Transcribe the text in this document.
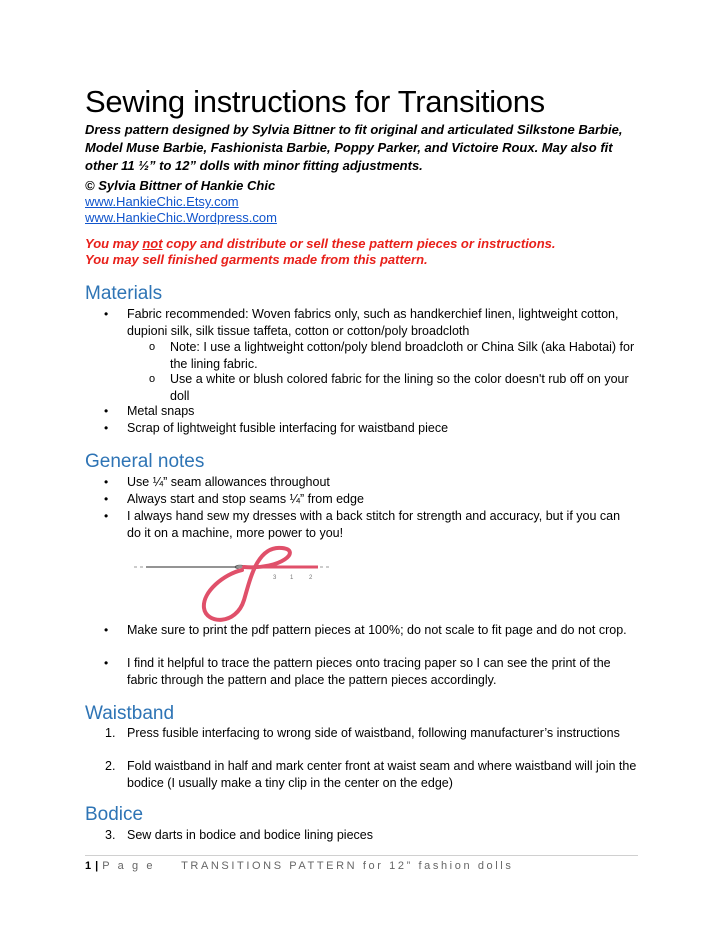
Sewing instructions for Transitions

Dress pattern designed by Sylvia Bittner to fit original and articulated Silkstone Barbie, Model Muse Barbie, Fashionista Barbie, Poppy Parker, and Victoire Roux. May also fit other 11 ½” to 12” dolls with minor fitting adjustments.

© Sylvia Bittner of Hankie Chic
www.HankieChic.Etsy.com
www.HankieChic.Wordpress.com
You may not copy and distribute or sell these pattern pieces or instructions.
You may sell finished garments made from this pattern.
Materials
• Fabric recommended: Woven fabrics only, such as handkerchief linen, lightweight cotton, dupioni silk, silk tissue taffeta, cotton or cotton/poly broadcloth
o Note: I use a lightweight cotton/poly blend broadcloth or China Silk (aka Habotai) for the lining fabric.
o Use a white or blush colored fabric for the lining so the color doesn't rub off on your doll
• Metal snaps
• Scrap of lightweight fusible interfacing for waistband piece
General notes
• Use ¼” seam allowances throughout
• Always start and stop seams ¼” from edge
• I always hand sew my dresses with a back stitch for strength and accuracy, but if you can do it on a machine, more power to you!
3 1	2
• Make sure to print the pdf pattern pieces at 100%; do not scale to fit page and do not crop.
• I find it helpful to trace the pattern pieces onto tracing paper so I can see the print of the fabric through the pattern and place the pattern pieces accordingly.
Waistband
1. Press fusible interfacing to wrong side of waistband, following manufacturer’s instructions
2. Fold waistband in half and mark center front at waist seam and where waistband will join the bodice (I usually make a tiny clip in the center on the edge)
Bodice
3. Sew darts in bodice and bodice lining pieces
1 | P a g e TRANSITIONS PATTERN for 12” fashion dolls
